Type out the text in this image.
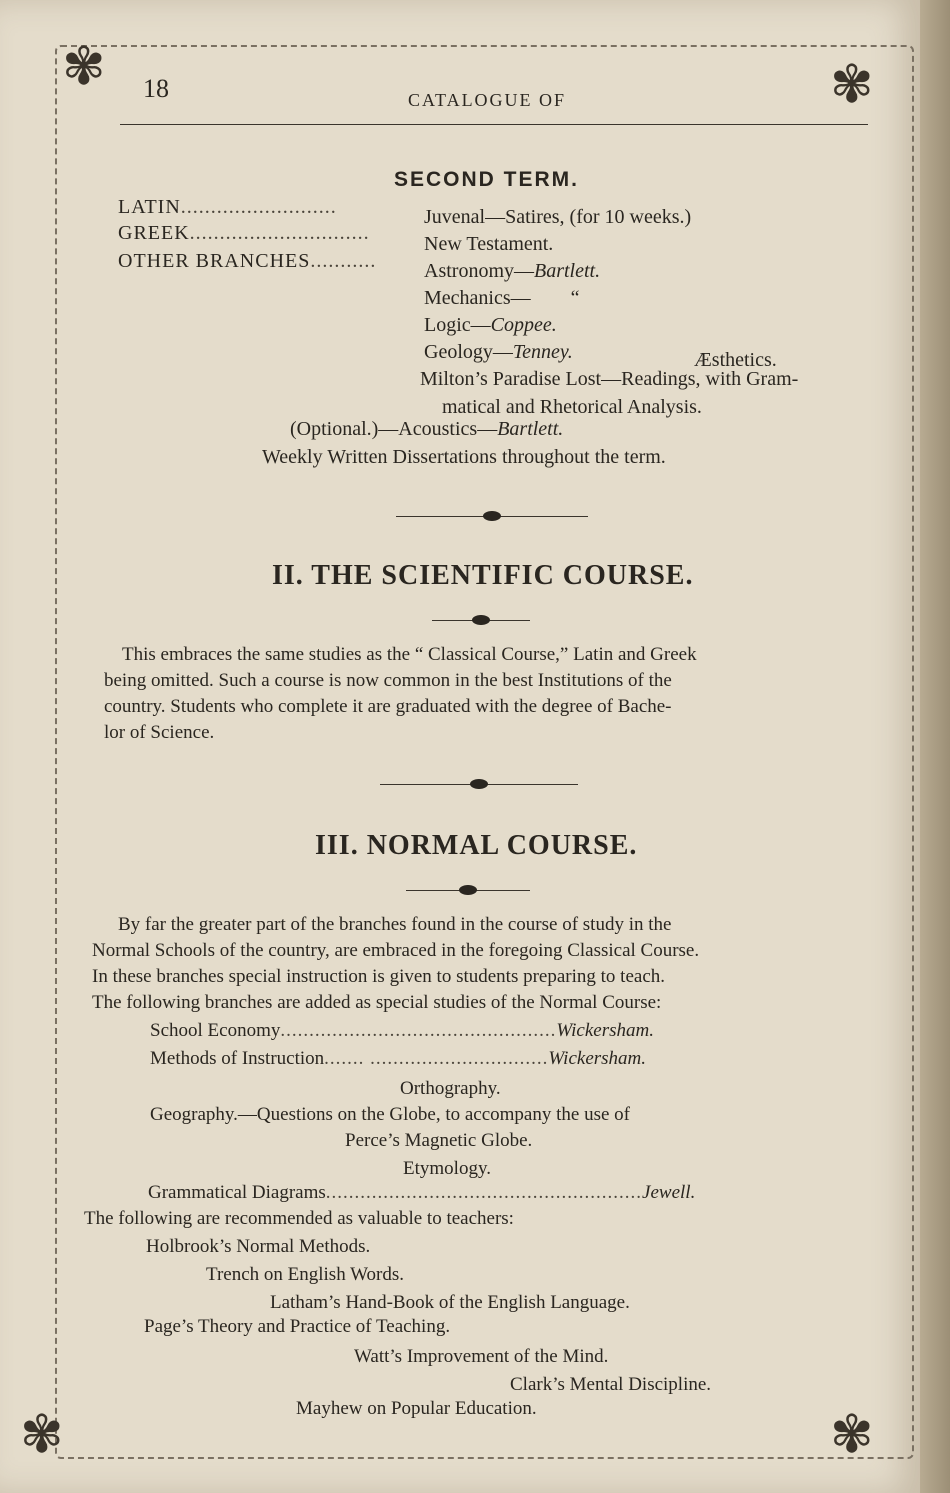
✾	✾
✾	✾
18	CATALOGUE OF
SECOND TERM.
LATIN..........................	Juvenal—Satires, (for 10 weeks.)
GREEK..............................	New Testament.
OTHER BRANCHES........... Astronomy—Bartlett.
Mechanics— “
Logic—Coppee.
Geology—Tenney.	Æsthetics.
Milton’s Paradise Lost—Readings, with Gram-
matical and Rhetorical Analysis.
(Optional.)—Acoustics—Bartlett.
Weekly Written Dissertations throughout the term.
II. THE SCIENTIFIC COURSE.
This embraces the same studies as the “ Classical Course,” Latin and Greek
being omitted. Such a course is now common in the best Institutions of the
country. Students who complete it are graduated with the degree of Bache-
lor of Science.
III. NORMAL COURSE.
By far the greater part of the branches found in the course of study in the
Normal Schools of the country, are embraced in the foregoing Classical Course.
In these branches special instruction is given to students preparing to teach.
The following branches are added as special studies of the Normal Course:
School Economy................................................Wickersham.
Methods of Instruction....... ...............................Wickersham.
Orthography.
Geography.—Questions on the Globe, to accompany the use of
Perce’s Magnetic Globe.
Etymology.
Grammatical Diagrams.......................................................Jewell.
The following are recommended as valuable to teachers:
Holbrook’s Normal Methods.
Trench on English Words.
Latham’s Hand-Book of the English Language.
Page’s Theory and Practice of Teaching.
Watt’s Improvement of the Mind.
Clark’s Mental Discipline.
Mayhew on Popular Education.
